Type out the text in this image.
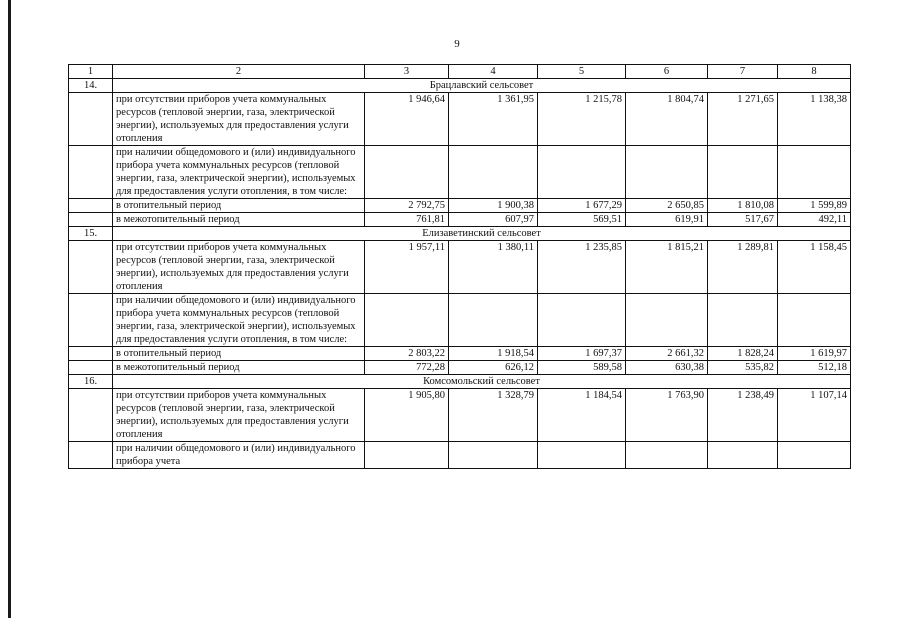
9
1	2	3	4	5	6	7	8
14.	Брацлавский сельсовет						
	при отсутствии приборов учета коммунальных ресурсов (тепловой энергии, газа, электрической энергии), используемых для предоставления услуги отопления	1 946,64	1 361,95	1 215,78	1 804,74	1 271,65	1 138,38
	при наличии общедомового и (или) индивидуального прибора учета коммунальных ресурсов (тепловой энергии, газа, электрической энергии), используемых для предоставления услуги отопления, в том числе:						
	в отопительный период	2 792,75	1 900,38	1 677,29	2 650,85	1 810,08	1 599,89
	в межотопительный период	761,81	607,97	569,51	619,91	517,67	492,11
15.	Елизаветинский сельсовет						
	при отсутствии приборов учета коммунальных ресурсов (тепловой энергии, газа, электрической энергии), используемых для предоставления услуги отопления	1 957,11	1 380,11	1 235,85	1 815,21	1 289,81	1 158,45
	при наличии общедомового и (или) индивидуального прибора учета коммунальных ресурсов (тепловой энергии, газа, электрической энергии), используемых для предоставления услуги отопления, в том числе:						
	в отопительный период	2 803,22	1 918,54	1 697,37	2 661,32	1 828,24	1 619,97
	в межотопительный период	772,28	626,12	589,58	630,38	535,82	512,18
16.	Комсомольский сельсовет						
	при отсутствии приборов учета коммунальных ресурсов (тепловой энергии, газа, электрической энергии), используемых для предоставления услуги отопления	1 905,80	1 328,79	1 184,54	1 763,90	1 238,49	1 107,14
	при наличии общедомового и (или) индивидуального прибора учета						
